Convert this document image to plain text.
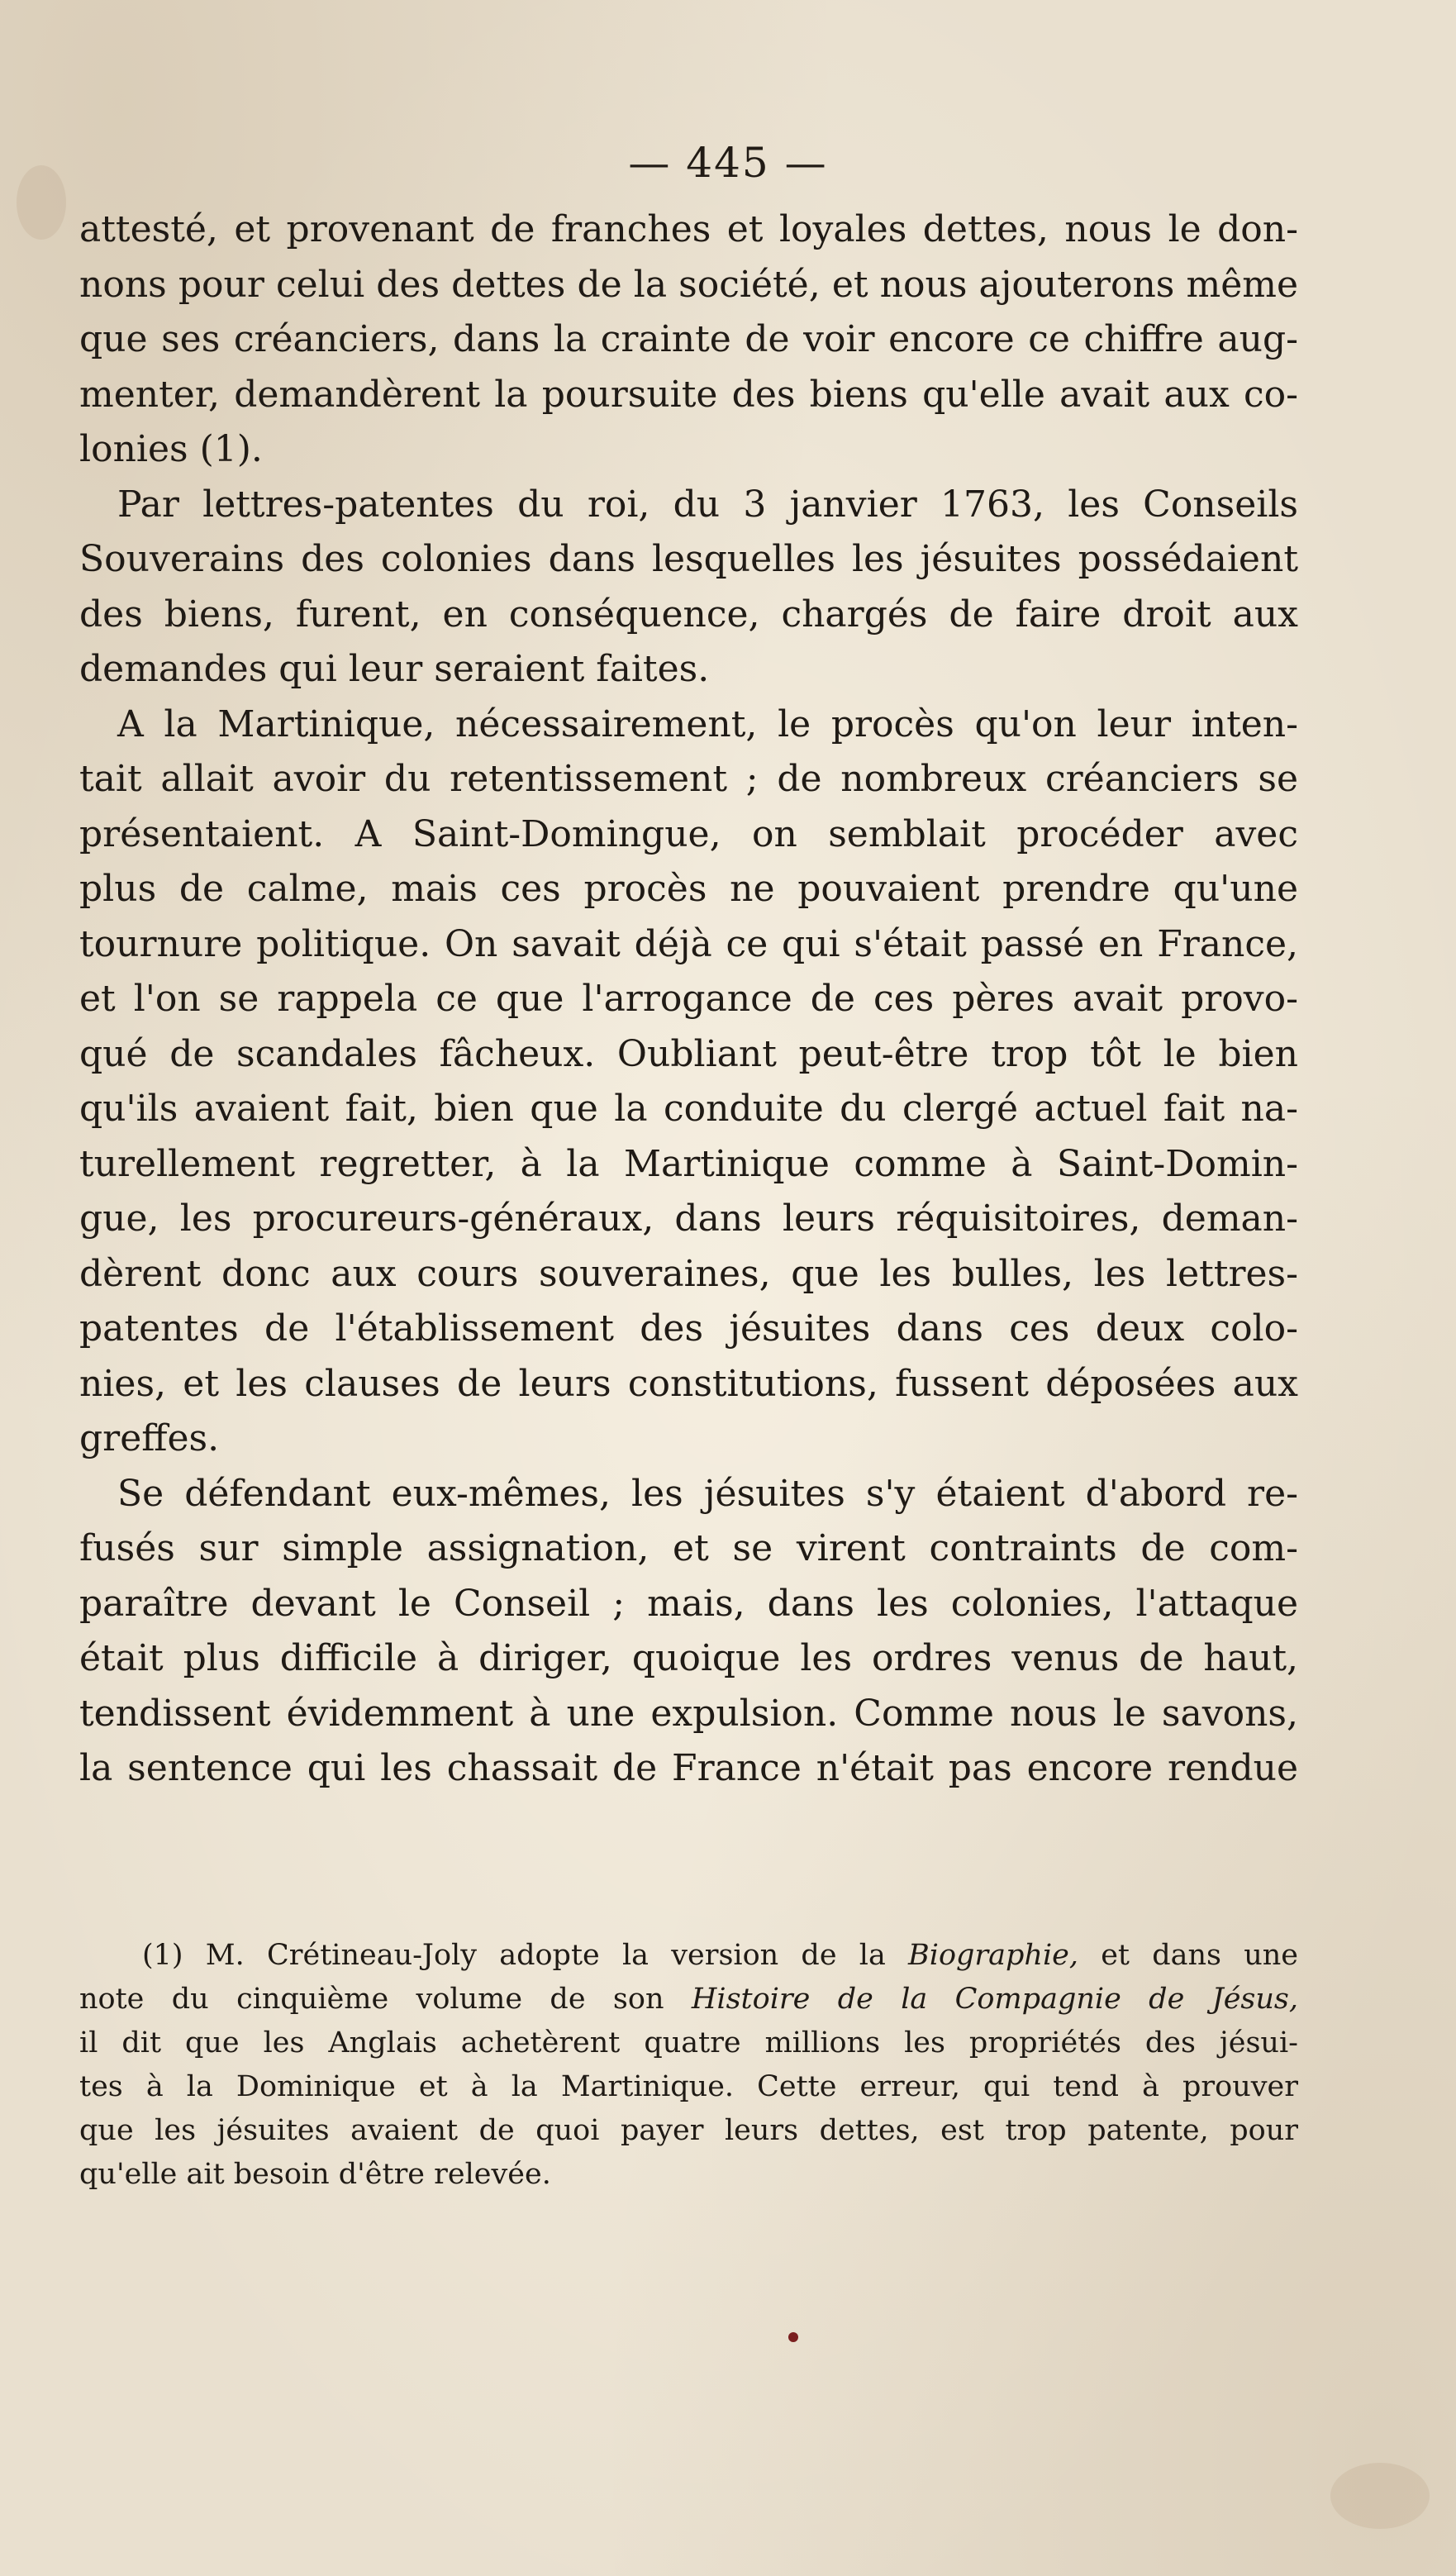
— 445 —
attesté, et provenant de franches et loyales dettes, nous le don-
nons pour celui des dettes de la société, et nous ajouterons même
que ses créanciers, dans la crainte de voir encore ce chiffre aug-
menter, demandèrent la poursuite des biens qu'elle avait aux co-
lonies (1).
Par lettres-patentes du roi, du 3 janvier 1763, les Conseils
Souverains des colonies dans lesquelles les jésuites possédaient
des biens, furent, en conséquence, chargés de faire droit aux
demandes qui leur seraient faites.
A la Martinique, nécessairement, le procès qu'on leur inten-
tait allait avoir du retentissement ; de nombreux créanciers se
présentaient. A Saint-Domingue, on semblait procéder avec
plus de calme, mais ces procès ne pouvaient prendre qu'une
tournure politique. On savait déjà ce qui s'était passé en France,
et l'on se rappela ce que l'arrogance de ces pères avait provo-
qué de scandales fâcheux. Oubliant peut-être trop tôt le bien
qu'ils avaient fait, bien que la conduite du clergé actuel fait na-
turellement regretter, à la Martinique comme à Saint-Domin-
gue, les procureurs-généraux, dans leurs réquisitoires, deman-
dèrent donc aux cours souveraines, que les bulles, les lettres-
patentes de l'établissement des jésuites dans ces deux colo-
nies, et les clauses de leurs constitutions, fussent déposées aux
greffes.
Se défendant eux-mêmes, les jésuites s'y étaient d'abord re-
fusés sur simple assignation, et se virent contraints de com-
paraître devant le Conseil ; mais, dans les colonies, l'attaque
était plus difficile à diriger, quoique les ordres venus de haut,
tendissent évidemment à une expulsion. Comme nous le savons,
la sentence qui les chassait de France n'était pas encore rendue
(1) M. Crétineau-Joly adopte la version de la Biographie, et dans une
note du cinquième volume de son Histoire de la Compagnie de Jésus,
il dit que les Anglais achetèrent quatre millions les propriétés des jésui-
tes à la Dominique et à la Martinique. Cette erreur, qui tend à prouver
que les jésuites avaient de quoi payer leurs dettes, est trop patente, pour
qu'elle ait besoin d'être relevée.
